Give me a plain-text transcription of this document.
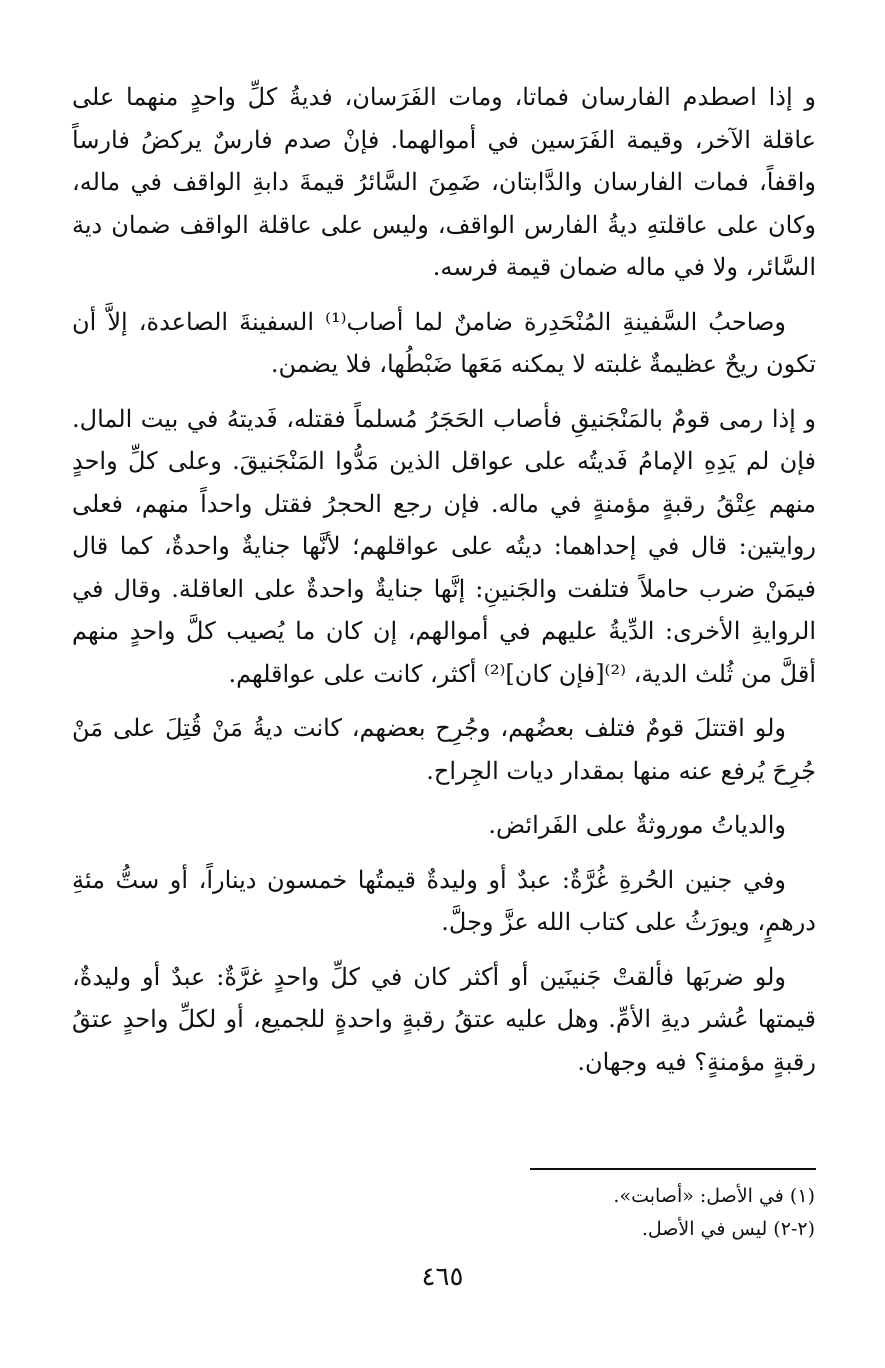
و إذا اصطدم الفارسان فماتا، ومات الفَرَسان، فديةُ كلِّ واحدٍ منهما على عاقلة الآخر، وقيمة الفَرَسين في أموالهما. فإنْ صدم فارسٌ يركضُ فارساً واقفاً، فمات الفارسان والدَّابتان، ضَمِنَ السَّائرُ قيمةَ دابةِ الواقف في ماله، وكان على عاقلتهِ ديةُ الفارس الواقف، وليس على عاقلة الواقف ضمان دية السَّائر، ولا في ماله ضمان قيمة فرسه.

وصاحبُ السَّفينةِ المُنْحَدِرة ضامنٌ لما أصاب⁽¹⁾ السفينةَ الصاعدة، إلاَّ أن تكون ريحٌ عظيمةٌ غلبته لا يمكنه مَعَها ضَبْطُها، فلا يضمن.

و إذا رمى قومٌ بالمَنْجَنيقِ فأصاب الحَجَرُ مُسلماً فقتله، فَديتهُ في بيت المال. فإن لم يَدِهِ الإمامُ فَديتُه على عواقل الذين مَدُّوا المَنْجَنيقَ. وعلى كلِّ واحدٍ منهم عِتْقُ رقبةٍ مؤمنةٍ في ماله. فإن رجع الحجرُ فقتل واحداً منهم، فعلى روايتين: قال في إحداهما: ديتُه على عواقلهم؛ لأنَّها جنايةٌ واحدةٌ، كما قال فيمَنْ ضرب حاملاً فتلفت والجَنينِ: إنَّها جنايةٌ واحدةٌ على العاقلة. وقال في الروايةِ الأخرى: الدِّيةُ عليهم في أموالهم، إن كان ما يُصيب كلَّ واحدٍ منهم أقلَّ من ثُلث الدية، ⁽²⁾[فإن كان]⁽²⁾ أكثر، كانت على عواقلهم.

ولو اقتتلَ قومٌ فتلف بعضُهم، وجُرِح بعضهم، كانت ديةُ مَنْ قُتِلَ على مَنْ جُرِحَ يُرفع عنه منها بمقدار ديات الجِراح.

والدياتُ موروثةٌ على الفَرائض.

وفي جنين الحُرةِ غُرَّةٌ: عبدٌ أو وليدةٌ قيمتُها خمسون ديناراً، أو ستُّ مئةِ درهمٍ، ويورَثُ على كتاب الله عزَّ وجلَّ.

ولو ضربَها فألقتْ جَنينَين أو أكثر كان في كلِّ واحدٍ غرَّةٌ: عبدٌ أو وليدةٌ، قيمتها عُشر ديةِ الأمِّ. وهل عليه عتقُ رقبةٍ واحدةٍ للجميع، أو لكلِّ واحدٍ عتقُ رقبةٍ مؤمنةٍ؟ فيه وجهان.

(١) في الأصل: «أصابت».
(٢-٢) ليس في الأصل.
٤٦٥
